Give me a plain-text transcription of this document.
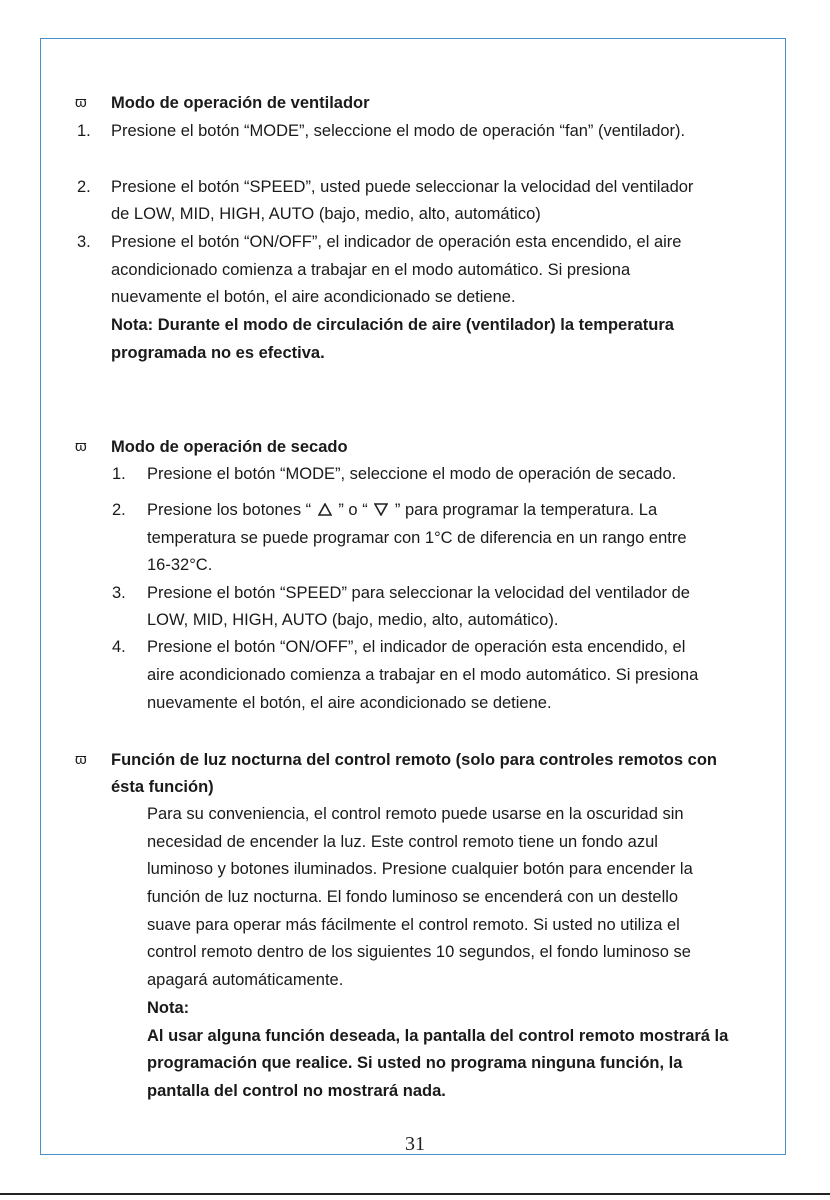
ϖ Modo de operación de ventilador
1. Presione el botón “MODE”, seleccione el modo de operación “fan” (ventilador).
2. Presione el botón “SPEED”, usted puede seleccionar la velocidad del ventilador
de LOW, MID, HIGH, AUTO (bajo, medio, alto, automático)
3. Presione el botón “ON/OFF”, el indicador de operación esta encendido, el aire
acondicionado comienza a trabajar en el modo automático. Si presiona
nuevamente el botón, el aire acondicionado se detiene.
Nota: Durante el modo de circulación de aire (ventilador) la temperatura
programada no es efectiva.
ϖ Modo de operación de secado
1. Presione el botón “MODE”, seleccione el modo de operación de secado.
2. Presione los botones “  ” o “  ” para programar la temperatura. La
temperatura se puede programar con 1°C de diferencia en un rango entre
16-32°C.
3. Presione el botón “SPEED” para seleccionar la velocidad del ventilador de
LOW, MID, HIGH, AUTO (bajo, medio, alto, automático).
4. Presione el botón “ON/OFF”, el indicador de operación esta encendido, el
aire acondicionado comienza a trabajar en el modo automático. Si presiona
nuevamente el botón, el aire acondicionado se detiene.
ϖ Función de luz nocturna del control remoto (solo para controles remotos con
ésta función)
Para su conveniencia, el control remoto puede usarse en la oscuridad sin
necesidad de encender la luz. Este control remoto tiene un fondo azul
luminoso y botones iluminados. Presione cualquier botón para encender la
función de luz nocturna. El fondo luminoso se encenderá con un destello
suave para operar más fácilmente el control remoto. Si usted no utiliza el
control remoto dentro de los siguientes 10 segundos, el fondo luminoso se
apagará automáticamente.
Nota:
Al usar alguna función deseada, la pantalla del control remoto mostrará la
programación que realice. Si usted no programa ninguna función, la
pantalla del control no mostrará nada.
31
